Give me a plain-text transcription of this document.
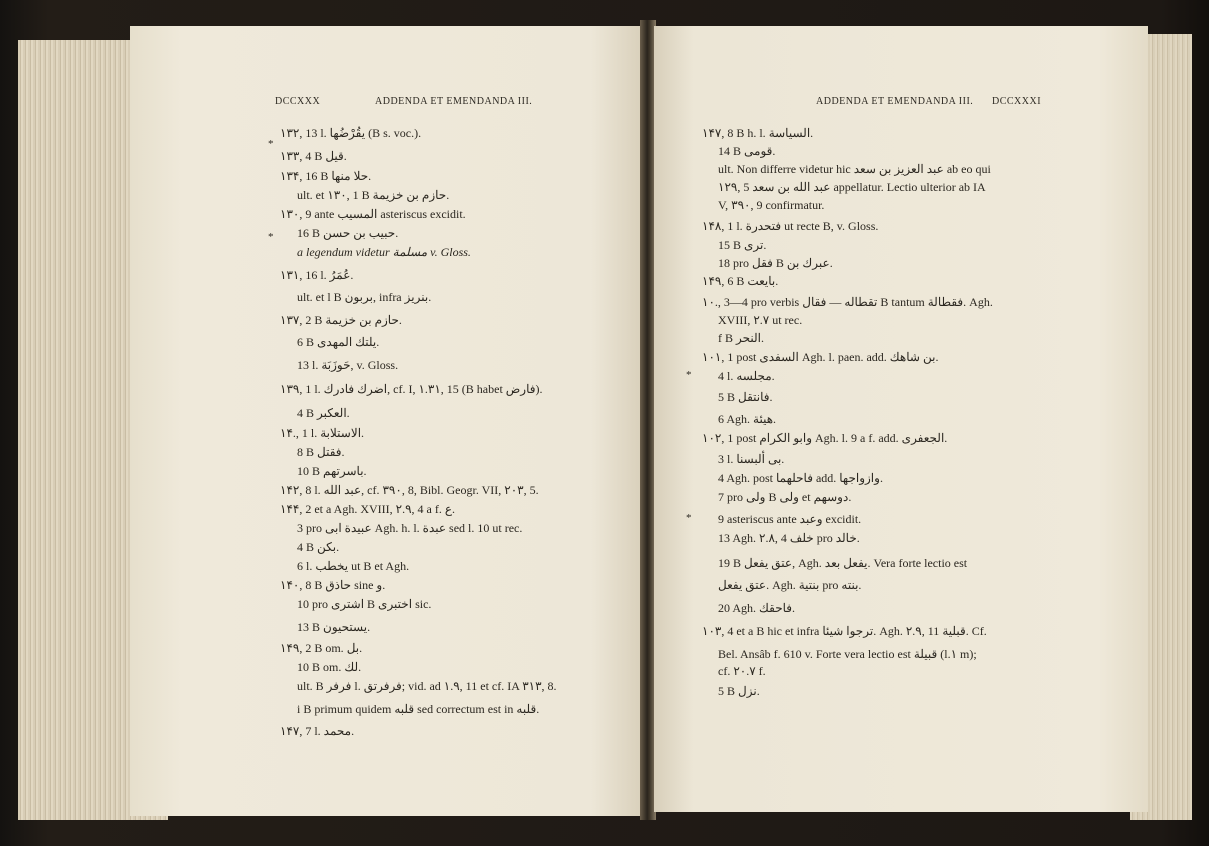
DCCXXX	ADDENDA ET EMENDANDA III.
*
*
۱۳۲, 13 l. يقُرْضُها (B s. voc.).
۱۳۳, 4 B قيل.
۱۳۴, 16 B حلا منها.
ult. et ۱۳۰, 1 B حازم بن خزيمة.
۱۳۰, 9 ante المسيب asteriscus excidit.
16 B حبيب بن حسن.
a legendum videtur مسلمة v. Gloss.
۱۳۱, 16 l. عُمَرُ.
ult. et l B بربون, infra بنريز.
۱۳۷, 2 B حازم بن خزيمة.
6 B يلتك المهدى.
13 l. حَوزَبَة, v. Gloss.
۱۳۹, 1 l. اضرك فادرك, cf. I, ۱.۳۱, 15 (B habet فارض).
4 B العكبر.
۱۴., 1 l. الاستلابة.
8 B فقتل.
10 B باسرتهم.
۱۴۲, 8 l. عبد الله, cf. ۳۹۰, 8, Bibl. Geogr. VII, ۲۰۳, 5.
۱۴۴, 2 et a Agh. XVIII, ۲.۹, 4 a f. ع.
3 pro عبيدة ابى Agh. h. l. عبدة sed l. 10 ut rec.
4 B بكن.
6 l. يخطب ut B et Agh.
۱۴۰, 8 B حاذق sine و.
10 pro اشترى B اختبرى sic.
13 B يستحيون.
۱۴۹, 2 B om. بل.
10 B om. لك.
ult. B فرفر l. فرفرتق; vid. ad ۱.۹, 11 et cf. IA ۳۱۳, 8.
i B primum quidem قلبه sed correctum est in قلبه.
۱۴۷, 7 l. محمد.
ADDENDA ET EMENDANDA III. DCCXXXI
*
*
۱۴۷, 8 B h. l. السياسة.
14 B قومى.
ult. Non differre videtur hic عبد العزيز بن سعد ab eo qui
۱۲۹, 5 عبد الله بن سعد appellatur. Lectio ulterior ab IA
V, ۳۹۰, 9 confirmatur.
۱۴۸, 1 l. فتحدرة ut recte B, v. Gloss.
15 B ترى.
18 pro فقل B عبرك بن.
۱۴۹, 6 B بايعت.
۱۰., 3—4 pro verbis تقطاله — فقال B tantum فقطالة. Agh.
XVIII, ۲.۷ ut rec.
f B النحر.
۱۰۱, 1 post السفدى Agh. l. paen. add. بن شاهك.
4 l. مجلسه.
5 B فانتقل.
6 Agh. هيئة.
۱۰۲, 1 post وابو الكرام Agh. l. 9 a f. add. الجعفرى.
3 l. بى ألبسنا.
4 Agh. post فاحلهما add. وازواجها.
7 pro ولى B ولى et دوسهم.
9 asteriscus ante وعبد excidit.
13 Agh. ۲.۸, 4 خلف pro خالد.
19 B عتق يفعل, Agh. يفعل بعد. Vera forte lectio est
عتق يفعل. Agh. بنتية pro بنته.
20 Agh. فاحقك.
۱۰۳, 4 et a B hic et infra ترجوا شيئا. Agh. ۲.۹, 11 قبلية. Cf.
Bel. Ansâb f. 610 v. Forte vera lectio est قبيلة (l.۱ m);
cf. ۲۰.۷ f.
5 B نزل.
